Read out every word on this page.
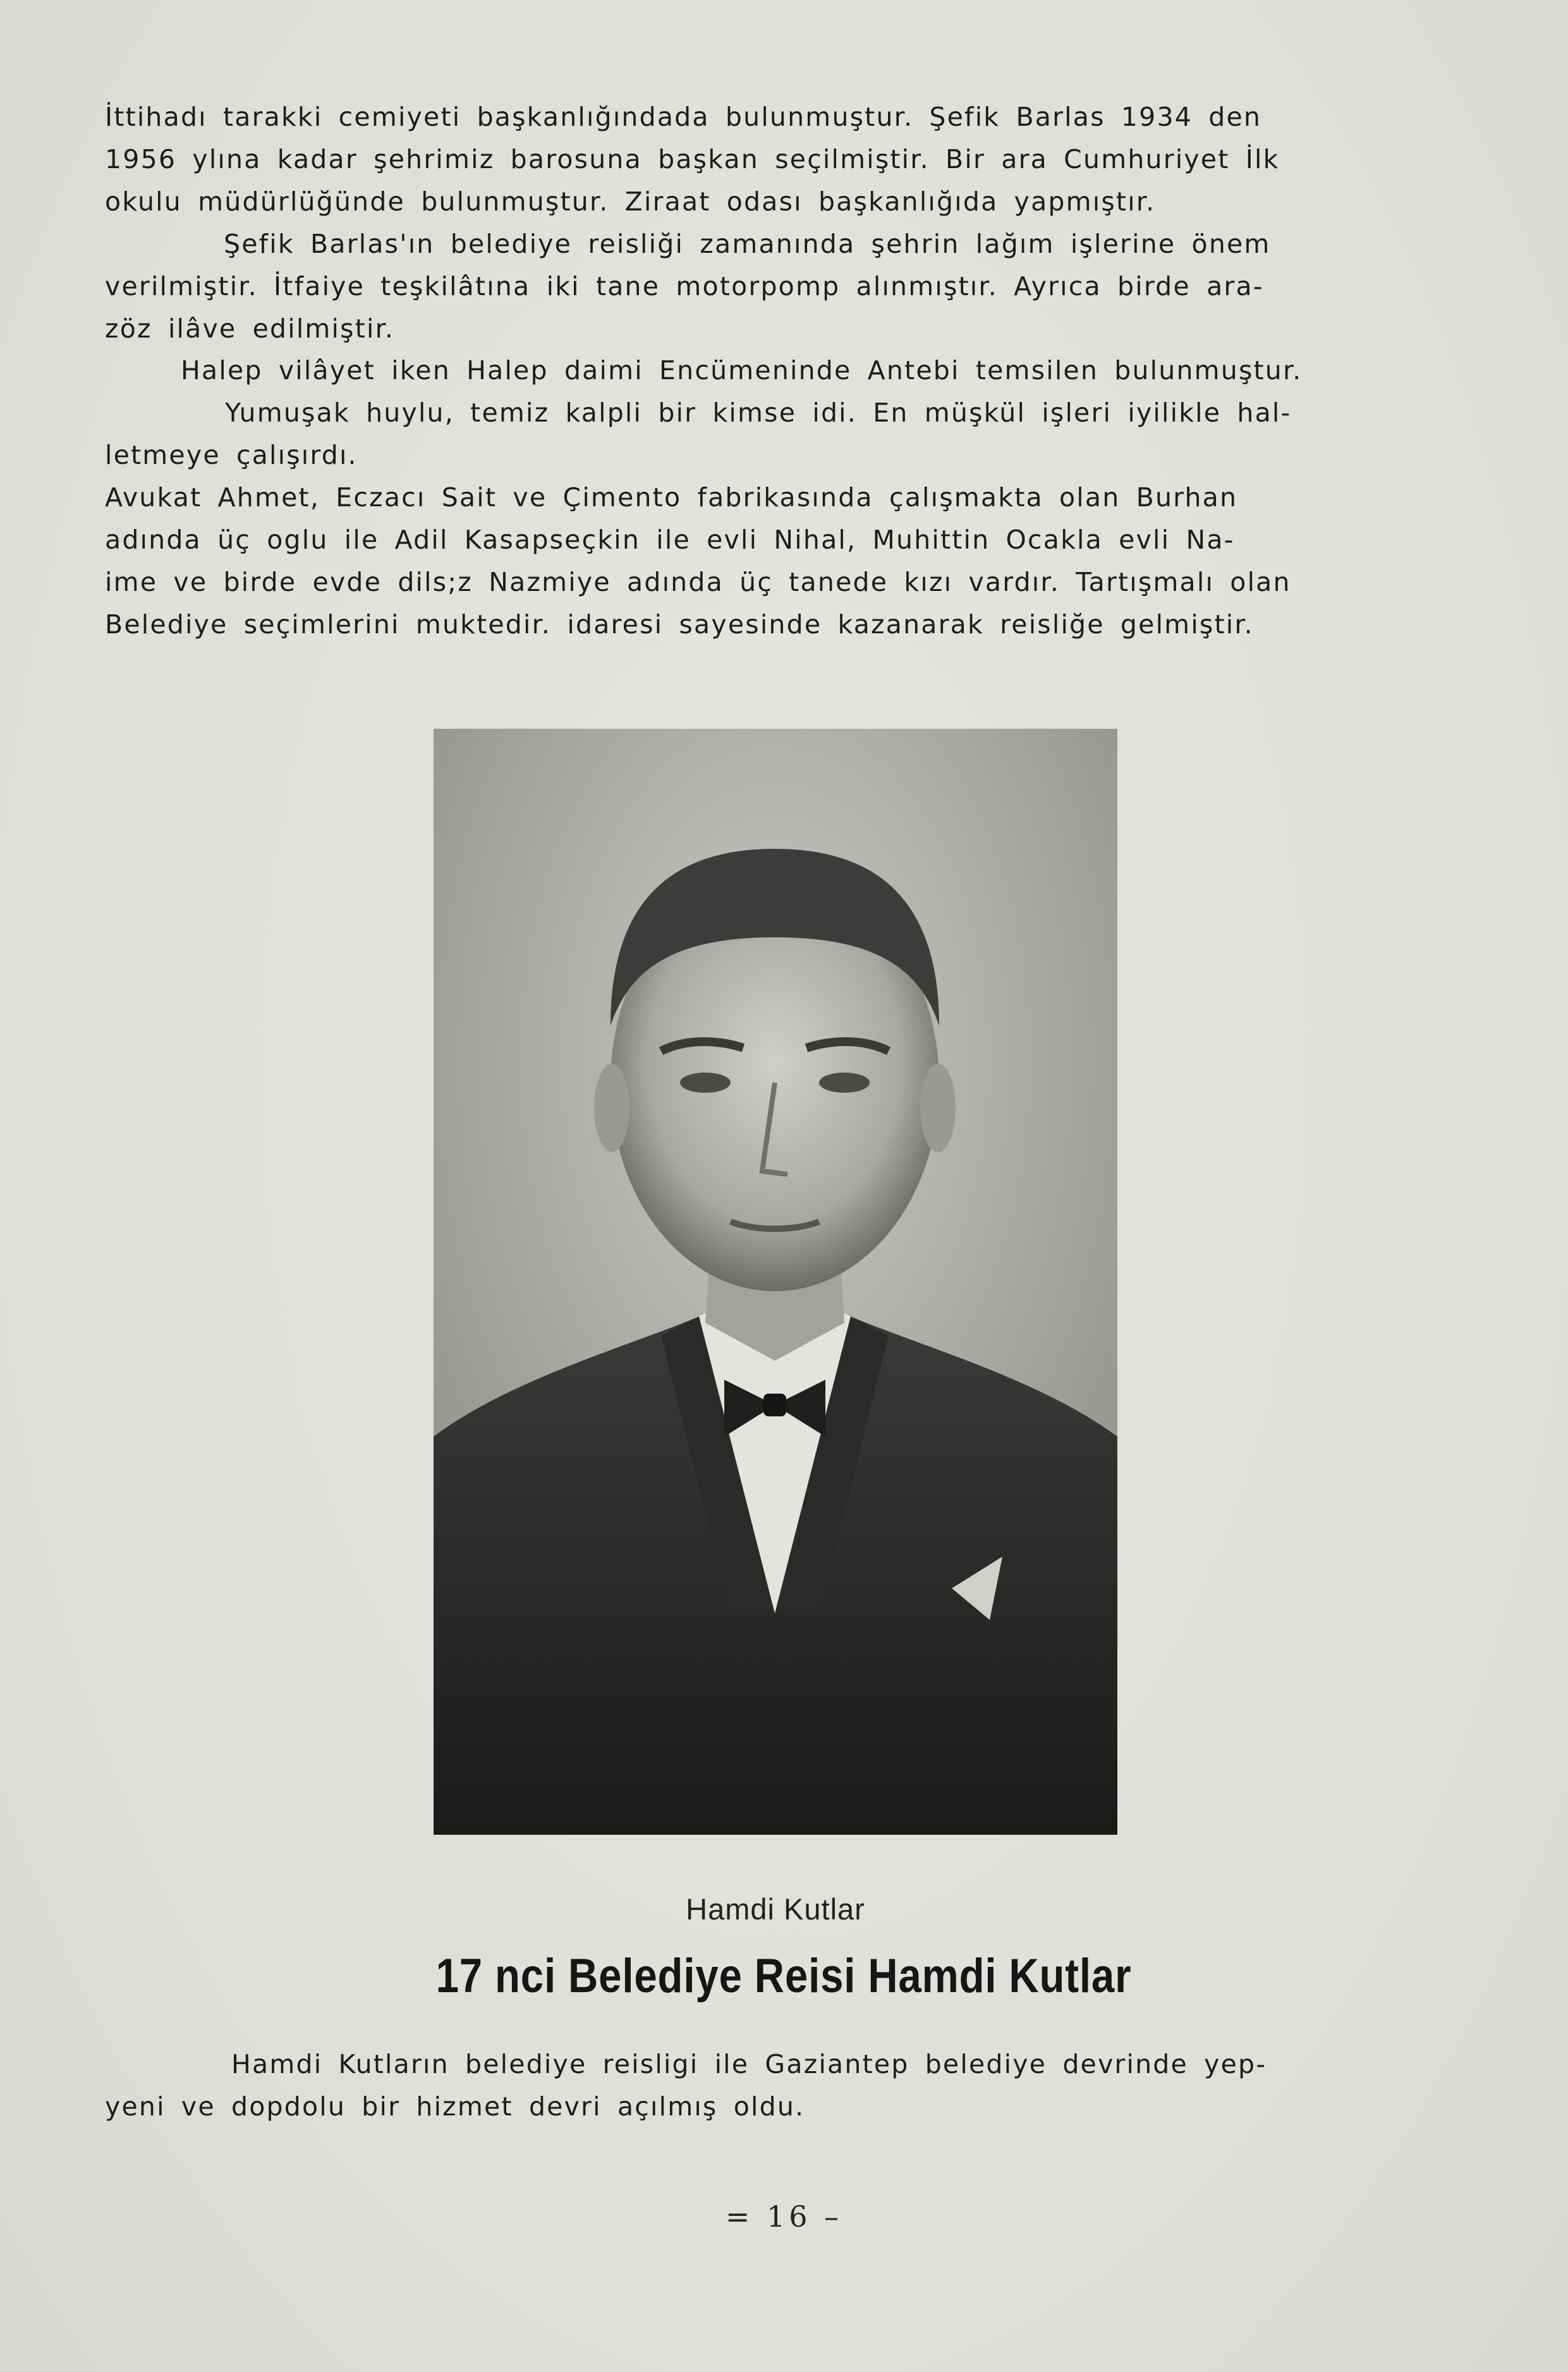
İttihadı tarakki cemiyeti başkanlığındada bulunmuştur. Şefik Barlas 1934 den
1956 ylına kadar şehrimiz barosuna başkan seçilmiştir. Bir ara Cumhuriyet İlk
okulu müdürlüğünde bulunmuştur. Ziraat odası başkanlığıda yapmıştır.
Şefik Barlas'ın belediye reisliği zamanında şehrin lağım işlerine önem
verilmiştir. İtfaiye teşkilâtına iki tane motorpomp alınmıştır. Ayrıca birde ara-
zöz ilâve edilmiştir.
Halep vilâyet iken Halep daimi Encümeninde Antebi temsilen bulunmuştur.
Yumuşak huylu, temiz kalpli bir kimse idi. En müşkül işleri iyilikle hal-
letmeye çalışırdı.
Avukat Ahmet, Eczacı Sait ve Çimento fabrikasında çalışmakta olan Burhan
adında üç oglu ile Adil Kasapseçkin ile evli Nihal, Muhittin Ocakla evli Na-
ime ve birde evde dils;z Nazmiye adında üç tanede kızı vardır. Tartışmalı olan
Belediye seçimlerini muktedir. idaresi sayesinde kazanarak reisliğe gelmiştir.
Hamdi Kutlar
17 nci Belediye Reisi Hamdi Kutlar
Hamdi Kutların belediye reisligi ile Gaziantep belediye devrinde yep-
yeni ve dopdolu bir hizmet devri açılmış oldu.
= 16 –
